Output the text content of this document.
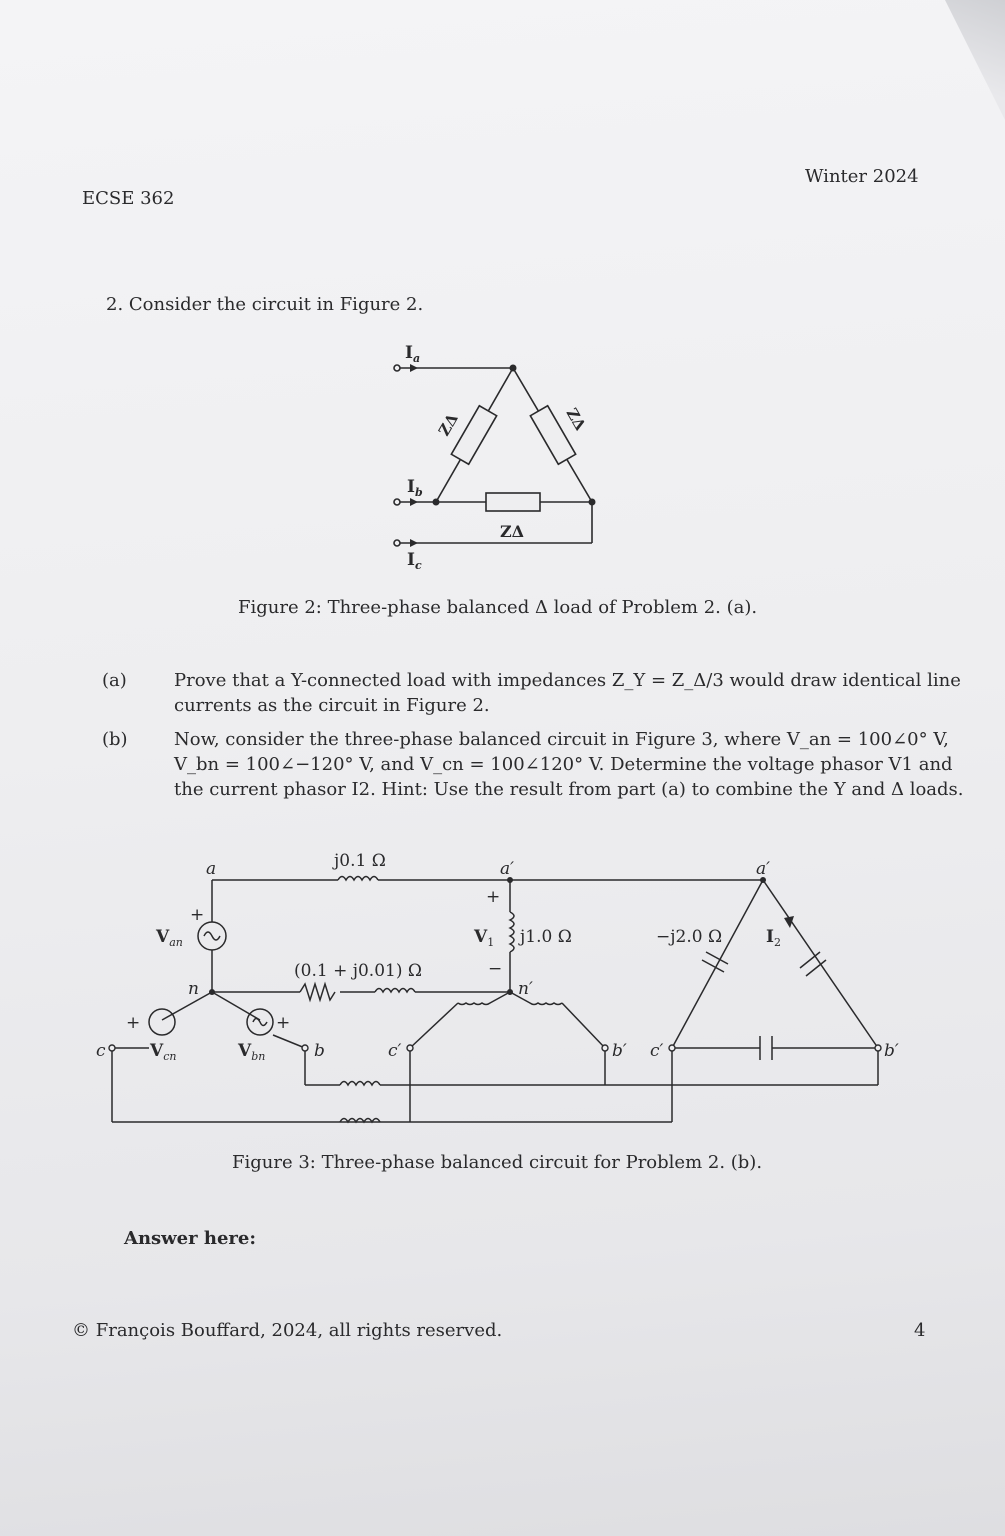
ECSE 362
Winter 2024
2. Consider the circuit in Figure 2.
$I_a$
$I_b$
$I_c$
ZΔ	ZΔ
ZΔ
Figure 2: Three-phase balanced Δ load of Problem 2. (a).
(a)	Prove that a Y-connected load with impedances Z_Y = Z_Δ/3 would draw identical line currents as the circuit in Figure 2.
(b)	Now, consider the three-phase balanced circuit in Figure 3, where V_an = 100∠0° V, V_bn = 100∠−120° V, and V_cn = 100∠120° V. Determine the voltage phasor V1 and the current phasor I2. Hint: Use the result from part (a) to combine the Y and Δ loads.
a
n
c	b	c′
a′
n′
b′ c′
a′
b′
j0.1 Ω
(0.1 + j0.01) Ω
j1.0 Ω	−j2.0 Ω
+
+
−
+	+
$V_{an}$
$V_{cn}$	$V_{bn}$
$V_1$	$I_2$
Figure 3: Three-phase balanced circuit for Problem 2. (b).
Answer here:
© François Bouffard, 2024, all rights reserved.	4
